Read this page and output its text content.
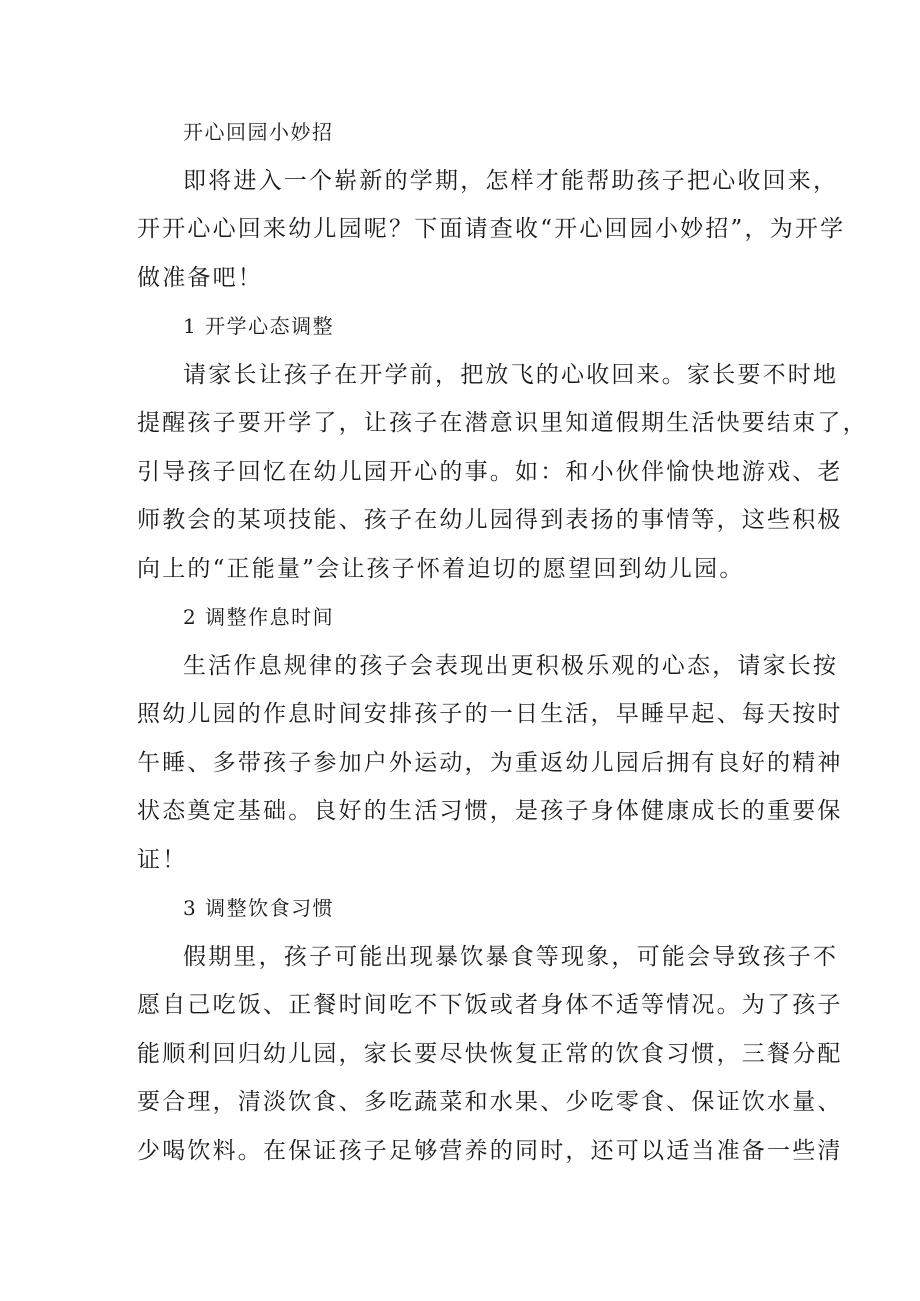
开心回园小妙招
即将进入一个崭新的学期，怎样才能帮助孩子把心收回来，
开开心心回来幼儿园呢？下面请查收“开心回园小妙招”，为开学
做准备吧！
1 开学心态调整
请家长让孩子在开学前，把放飞的心收回来。家长要不时地
提醒孩子要开学了，让孩子在潜意识里知道假期生活快要结束了，
引导孩子回忆在幼儿园开心的事。如：和小伙伴愉快地游戏、老
师教会的某项技能、孩子在幼儿园得到表扬的事情等，这些积极
向上的“正能量”会让孩子怀着迫切的愿望回到幼儿园。
2 调整作息时间
生活作息规律的孩子会表现出更积极乐观的心态，请家长按
照幼儿园的作息时间安排孩子的一日生活，早睡早起、每天按时
午睡、多带孩子参加户外运动，为重返幼儿园后拥有良好的精神
状态奠定基础。良好的生活习惯，是孩子身体健康成长的重要保
证！
3 调整饮食习惯
假期里，孩子可能出现暴饮暴食等现象，可能会导致孩子不
愿自己吃饭、正餐时间吃不下饭或者身体不适等情况。为了孩子
能顺利回归幼儿园，家长要尽快恢复正常的饮食习惯，三餐分配
要合理，清淡饮食、多吃蔬菜和水果、少吃零食、保证饮水量、
少喝饮料。在保证孩子足够营养的同时，还可以适当准备一些清
